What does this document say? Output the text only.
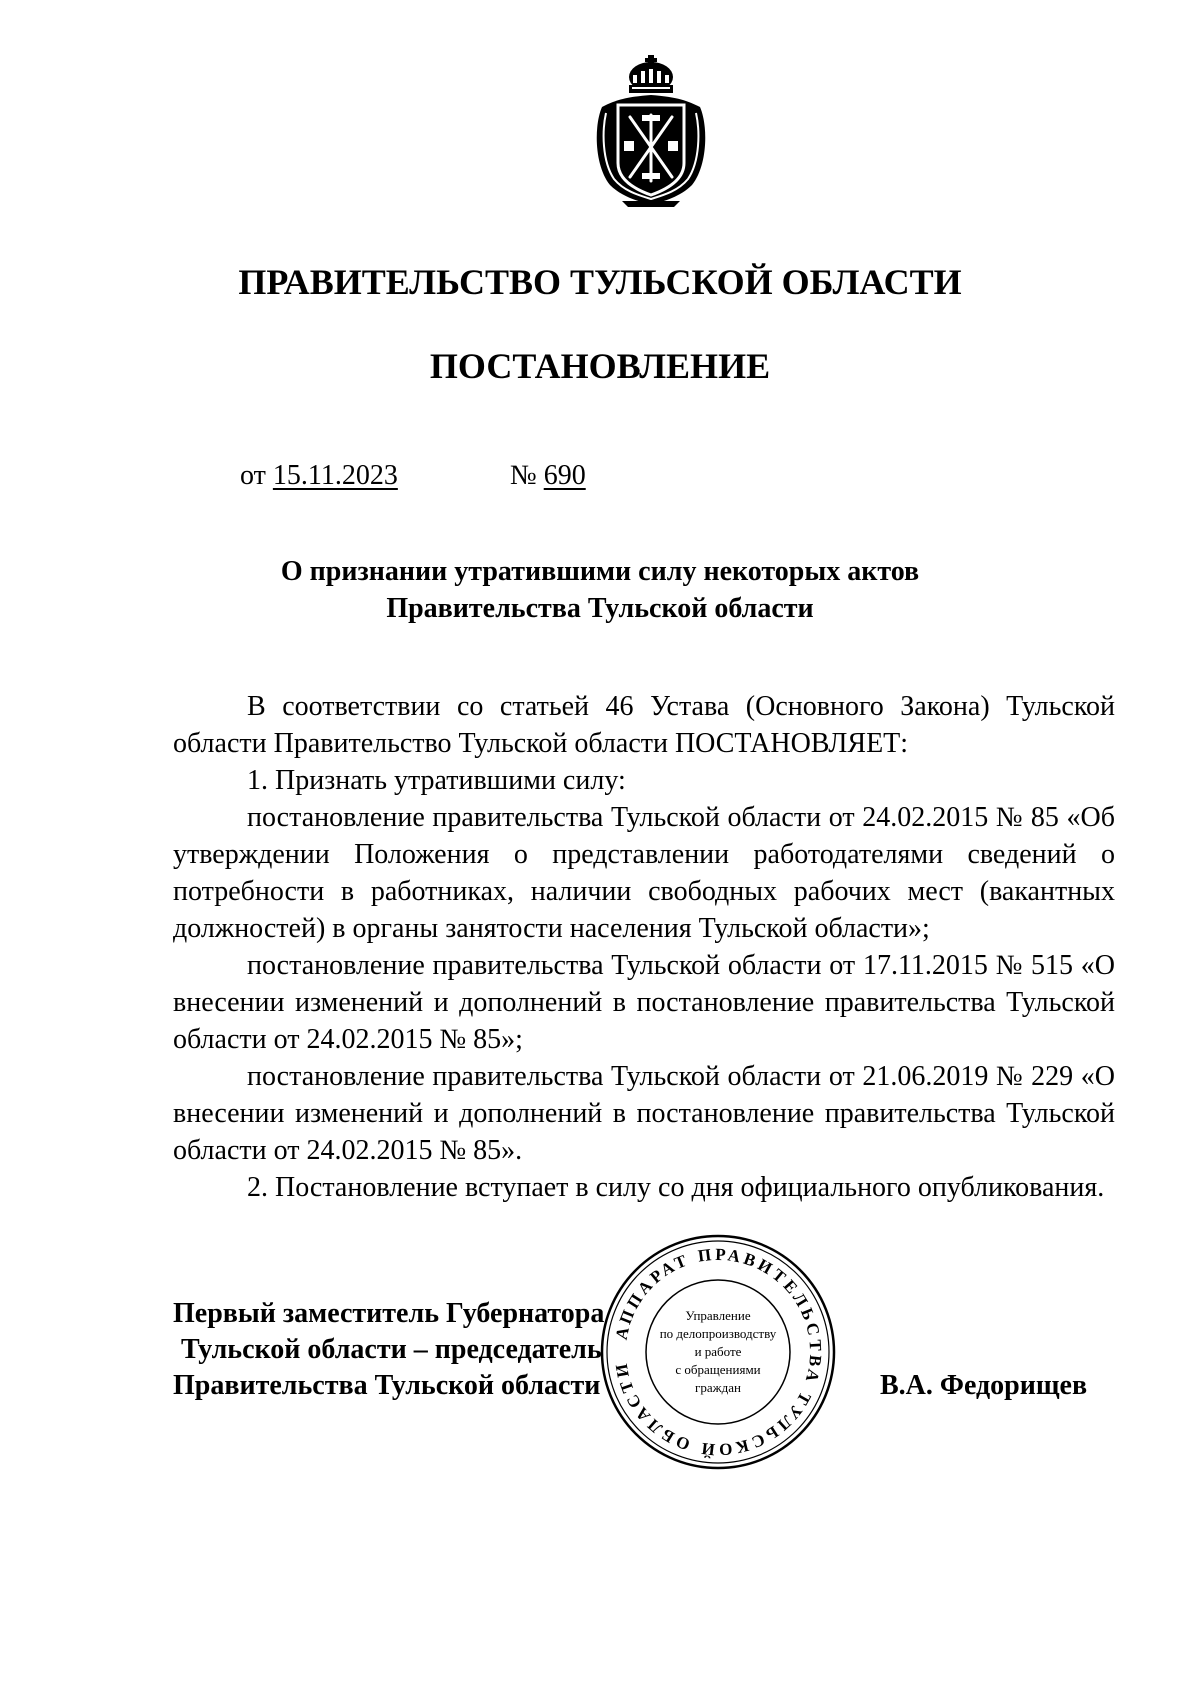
ПРАВИТЕЛЬСТВО ТУЛЬСКОЙ ОБЛАСТИ
ПОСТАНОВЛЕНИЕ
от 15.11.2023	№ 690
О признании утратившими силу некоторых актов
Правительства Тульской области

В соответствии со статьей 46 Устава (Основного Закона) Тульской области Правительство Тульской области ПОСТАНОВЛЯЕТ:

1. Признать утратившими силу:

постановление правительства Тульской области от 24.02.2015 № 85 «Об утверждении Положения о представлении работодателями сведений о потребности в работниках, наличии свободных рабочих мест (вакантных должностей) в органы занятости населения Тульской области»;

постановление правительства Тульской области от 17.11.2015 № 515 «О внесении изменений и дополнений в постановление правительства Тульской области от 24.02.2015 № 85»;

постановление правительства Тульской области от 21.06.2019 № 229 «О внесении изменений и дополнений в постановление правительства Тульской области от 24.02.2015 № 85».

2. Постановление вступает в силу со дня официального опубликования.

АППАРАТ ПРАВИТЕЛЬСТВА ТУЛЬСКОЙ ОБЛАСТИ
Управление
по делопроизводству
и работе
с обращениями
граждан
Первый заместитель Губернатора
Тульской области – председатель
Правительства Тульской области	В.А. Федорищев
